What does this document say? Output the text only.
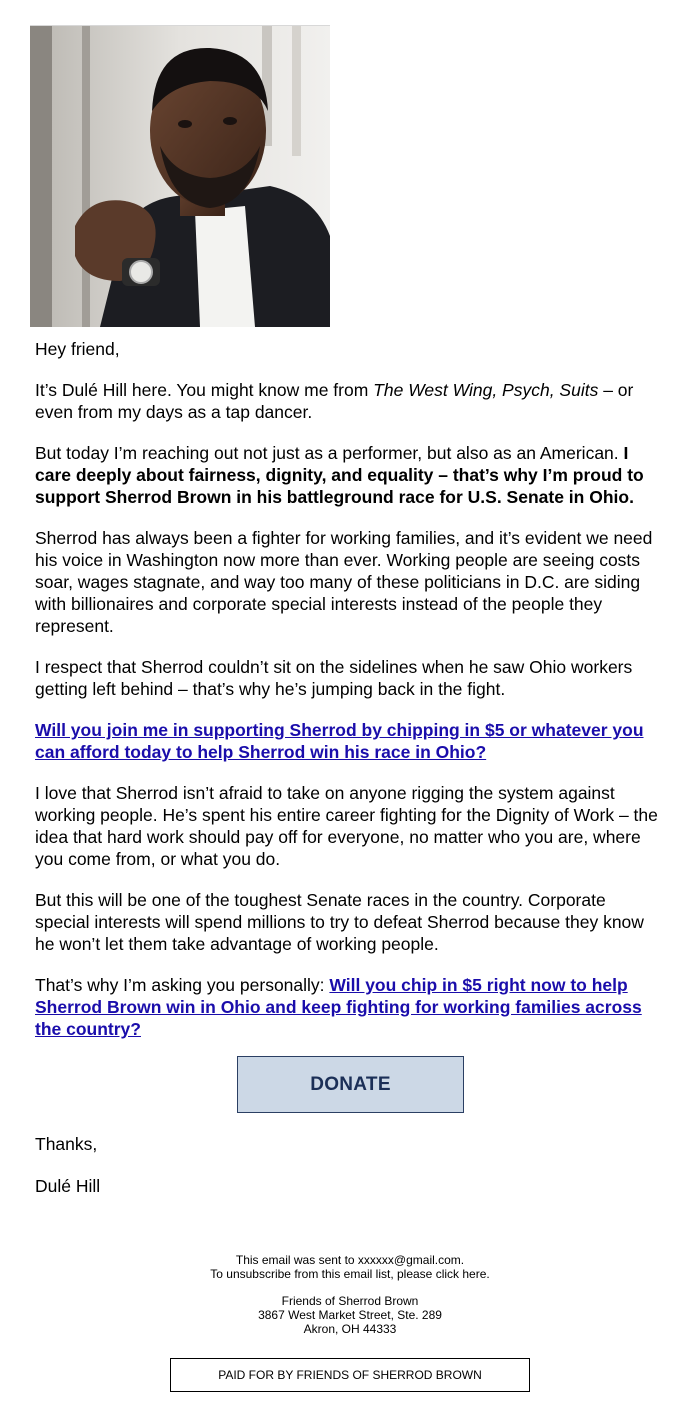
Hey friend,

It’s Dulé Hill here. You might know me from The West Wing, Psych, Suits – or even from my days as a tap dancer.

But today I’m reaching out not just as a performer, but also as an American. I care deeply about fairness, dignity, and equality – that’s why I’m proud to support Sherrod Brown in his battleground race for U.S. Senate in Ohio.

Sherrod has always been a fighter for working families, and it’s evident we need his voice in Washington now more than ever. Working people are seeing costs soar, wages stagnate, and way too many of these politicians in D.C. are siding with billionaires and corporate special interests instead of the people they represent.

I respect that Sherrod couldn’t sit on the sidelines when he saw Ohio workers getting left behind – that’s why he’s jumping back in the fight.

Will you join me in supporting Sherrod by chipping in $5 or whatever you can afford today to help Sherrod win his race in Ohio?

I love that Sherrod isn’t afraid to take on anyone rigging the system against working people. He’s spent his entire career fighting for the Dignity of Work – the idea that hard work should pay off for everyone, no matter who you are, where you come from, or what you do.

But this will be one of the toughest Senate races in the country. Corporate special interests will spend millions to try to defeat Sherrod because they know he won’t let them take advantage of working people.

That’s why I’m asking you personally: Will you chip in $5 right now to help Sherrod Brown win in Ohio and keep fighting for working families across the country?

DONATE

Thanks,

Dulé Hill

This email was sent to xxxxxx@gmail.com.
To unsubscribe from this email list, please click here.
Friends of Sherrod Brown
3867 West Market Street, Ste. 289
Akron, OH 44333
PAID FOR BY FRIENDS OF SHERROD BROWN
